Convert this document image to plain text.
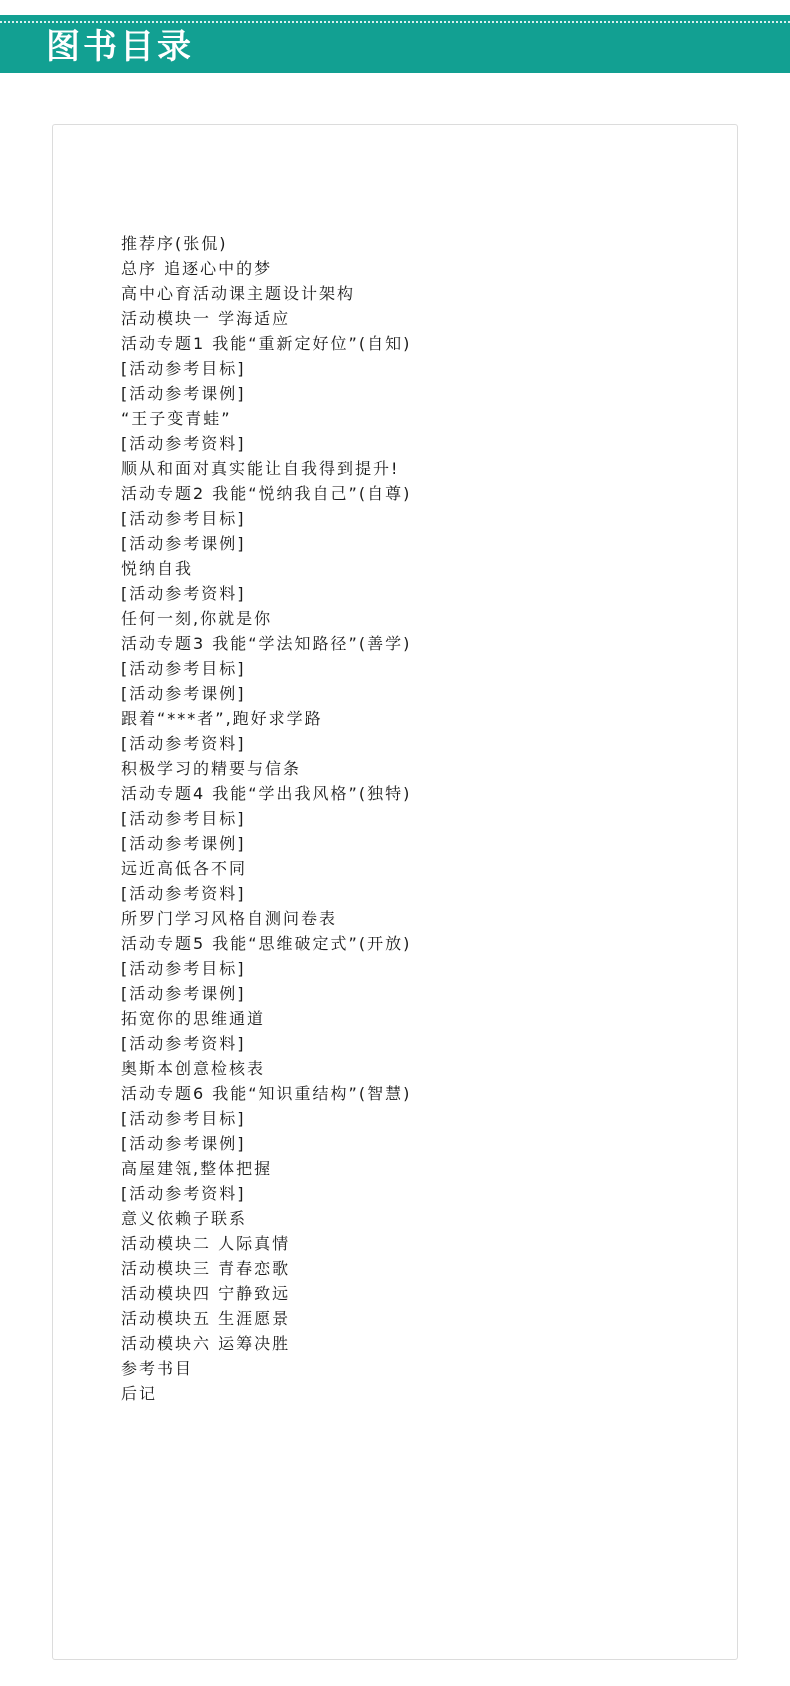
图书目录
推荐序(张侃)
总序 追逐心中的梦
高中心育活动课主题设计架构
活动模块一 学海适应
活动专题1 我能“重新定好位”(自知)
[活动参考目标]
[活动参考课例]
“王子变青蛙”
[活动参考资料]
顺从和面对真实能让自我得到提升!
活动专题2 我能“悦纳我自己”(自尊)
[活动参考目标]
[活动参考课例]
悦纳自我
[活动参考资料]
任何一刻,你就是你
活动专题3 我能“学法知路径”(善学)
[活动参考目标]
[活动参考课例]
跟着“***者”,跑好求学路
[活动参考资料]
积极学习的精要与信条
活动专题4 我能“学出我风格”(独特)
[活动参考目标]
[活动参考课例]
远近高低各不同
[活动参考资料]
所罗门学习风格自测问卷表
活动专题5 我能“思维破定式”(开放)
[活动参考目标]
[活动参考课例]
拓宽你的思维通道
[活动参考资料]
奥斯本创意检核表
活动专题6 我能“知识重结构”(智慧)
[活动参考目标]
[活动参考课例]
高屋建瓴,整体把握
[活动参考资料]
意义依赖子联系
活动模块二 人际真情
活动模块三 青春恋歌
活动模块四 宁静致远
活动模块五 生涯愿景
活动模块六 运筹决胜
参考书目
后记
